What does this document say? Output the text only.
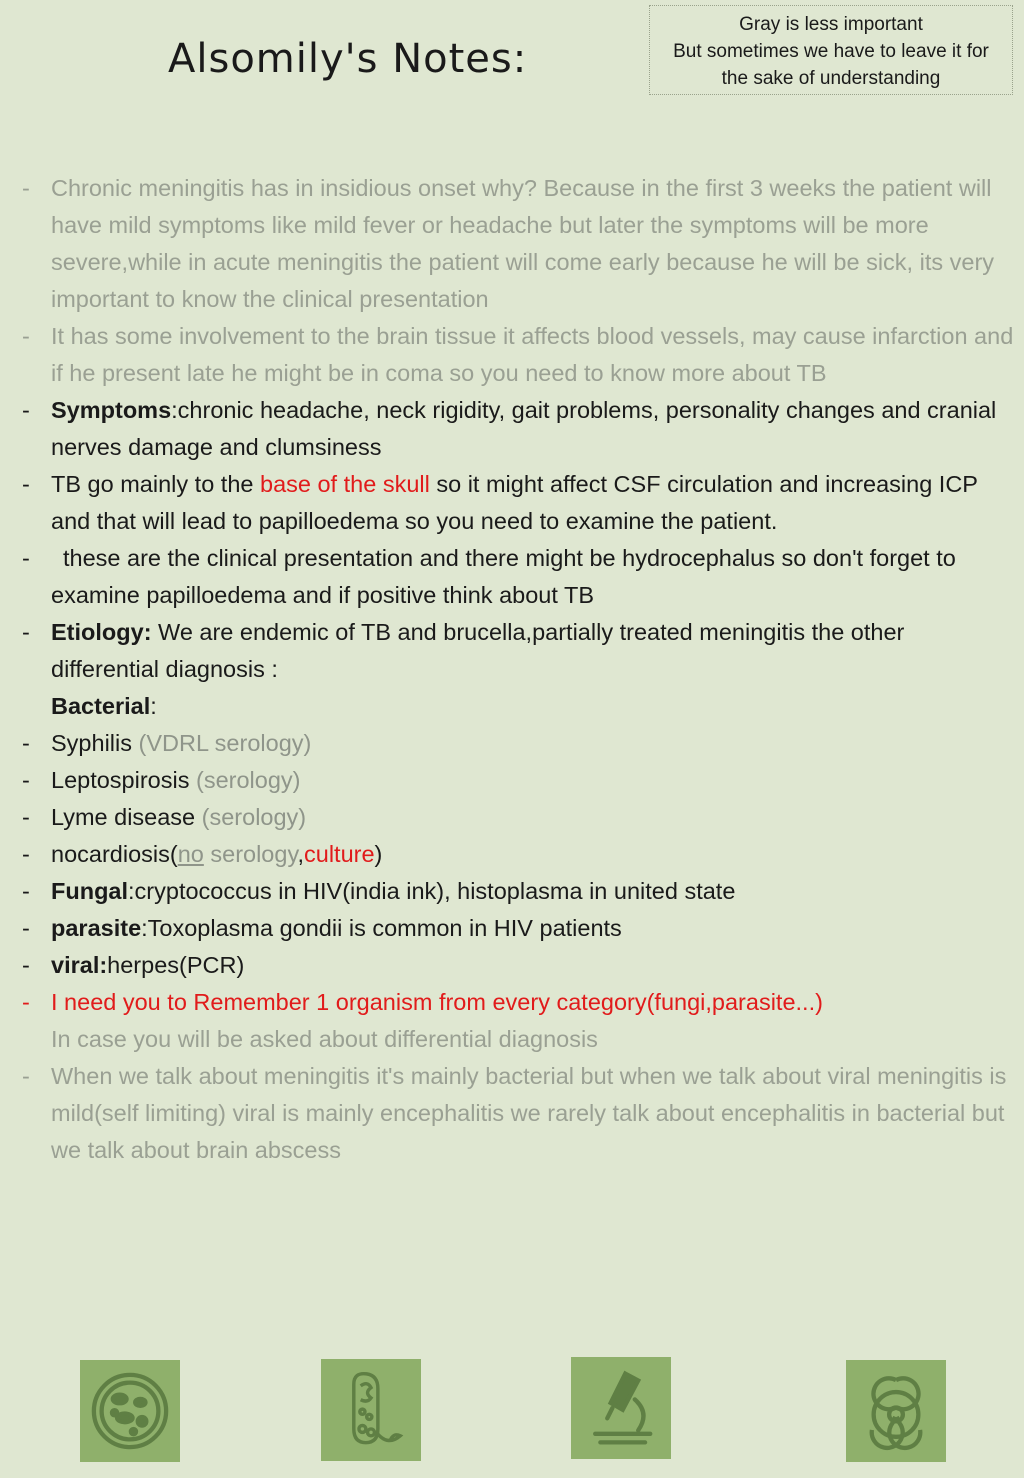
Alsomily's Notes:
Gray is less important
But sometimes we have to leave it for
the sake of understanding
- Chronic meningitis has in insidious onset why? Because in the first 3 weeks the patient will have mild symptoms like mild fever or headache but later the symptoms will be more severe,while in acute meningitis the patient will come early because he will be sick, its very important to know the clinical presentation
- It has some involvement to the brain tissue it affects blood vessels, may cause infarction and if he present late he might be in coma so you need to know more about TB
- Symptoms:chronic headache, neck rigidity, gait problems, personality changes and cranial nerves damage and clumsiness
- TB go mainly to the base of the skull so it might affect CSF circulation and increasing ICP and that will lead to papilloedema so you need to examine the patient.
-	these are the clinical presentation and there might be hydrocephalus so don't forget to examine papilloedema and if positive think about TB
- Etiology: We are endemic of TB and brucella,partially treated meningitis the other differential diagnosis :
Bacterial:
- Syphilis (VDRL serology)
- Leptospirosis (serology)
- Lyme disease (serology)
- nocardiosis(no serology,culture)
- Fungal:cryptococcus in HIV(india ink), histoplasma in united state
- parasite:Toxoplasma gondii is common in HIV patients
- viral:herpes(PCR)
- I need you to Remember 1 organism from every category(fungi,parasite...)
In case you will be asked about differential diagnosis
- When we talk about meningitis it's mainly bacterial but when we talk about viral meningitis is mild(self limiting) viral is mainly encephalitis we rarely talk about encephalitis in bacterial but we talk about brain abscess
